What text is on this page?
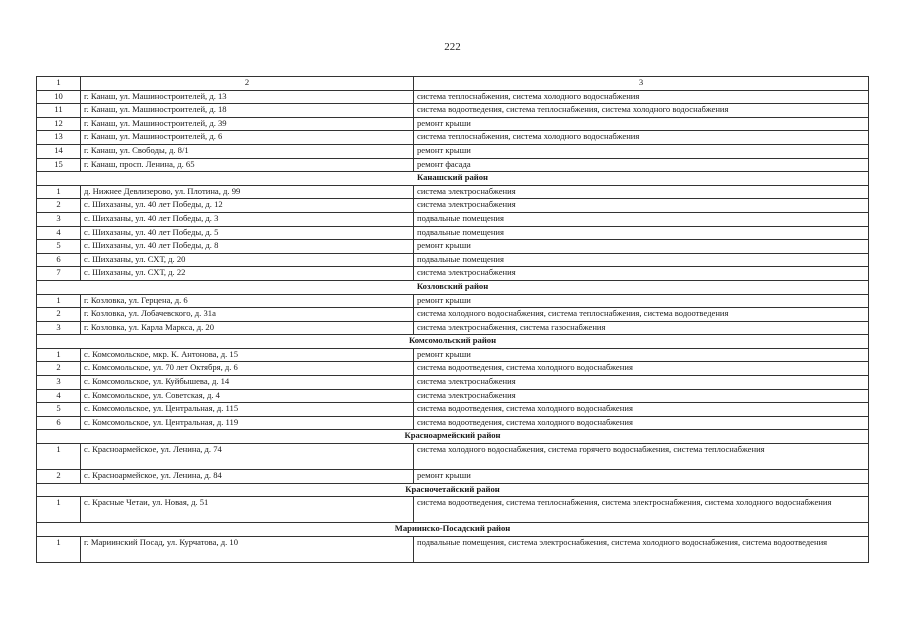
222
1	2	3
10	г. Канаш, ул. Машиностроителей, д. 13	система теплоснабжения, система холодного водоснабжения
11	г. Канаш, ул. Машиностроителей, д. 18	система водоотведения, система теплоснабжения, система холодного водоснабжения
12	г. Канаш, ул. Машиностроителей, д. 39	ремонт крыши
13	г. Канаш, ул. Машиностроителей, д. 6	система теплоснабжения, система холодного водоснабжения
14	г. Канаш, ул. Свободы, д. 8/1	ремонт крыши
15	г. Канаш, просп. Ленина, д. 65	ремонт фасада
Канашский район		
1	д. Нижнее Девлизерово, ул. Плотина, д. 99	система электроснабжения
2	с. Шихазаны, ул. 40 лет Победы, д. 12	система электроснабжения
3	с. Шихазаны, ул. 40 лет Победы, д. 3	подвальные помещения
4	с. Шихазаны, ул. 40 лет Победы, д. 5	подвальные помещения
5	с. Шихазаны, ул. 40 лет Победы, д. 8	ремонт крыши
6	с. Шихазаны, ул. СХТ, д. 20	подвальные помещения
7	с. Шихазаны, ул. СХТ, д. 22	система электроснабжения
Козловский район		
1	г. Козловка, ул. Герцена, д. 6	ремонт крыши
2	г. Козловка, ул. Лобачевского, д. 31а	система холодного водоснабжения, система теплоснабжения, система водоотведения
3	г. Козловка, ул. Карла Маркса, д. 20	система электроснабжения, система газоснабжения
Комсомольский район		
1	с. Комсомольское, мкр. К. Антонова, д. 15	ремонт крыши
2	с. Комсомольское, ул. 70 лет Октября, д. 6	система водоотведения, система холодного водоснабжения
3	с. Комсомольское, ул. Куйбышева, д. 14	система электроснабжения
4	с. Комсомольское, ул. Советская, д. 4	система электроснабжения
5	с. Комсомольское, ул. Центральная, д. 115	система водоотведения, система холодного водоснабжения
6	с. Комсомольское, ул. Центральная, д. 119	система водоотведения, система холодного водоснабжения
Красноармейский район		
1	с. Красноармейское, ул. Ленина, д. 74	система холодного водоснабжения, система горячего водоснабжения, система теплоснабжения
2	с. Красноармейское, ул. Ленина, д. 84	ремонт крыши
Красночетайский район		
1	с. Красные Четаи, ул. Новая, д. 51	система водоотведения, система теплоснабжения, система электроснабжения, система холодного водоснабжения
Мариинско-Посадский район		
1	г. Мариинский Посад, ул. Курчатова, д. 10	подвальные помещения, система электроснабжения, система холодного водоснабжения, система водоотведения
